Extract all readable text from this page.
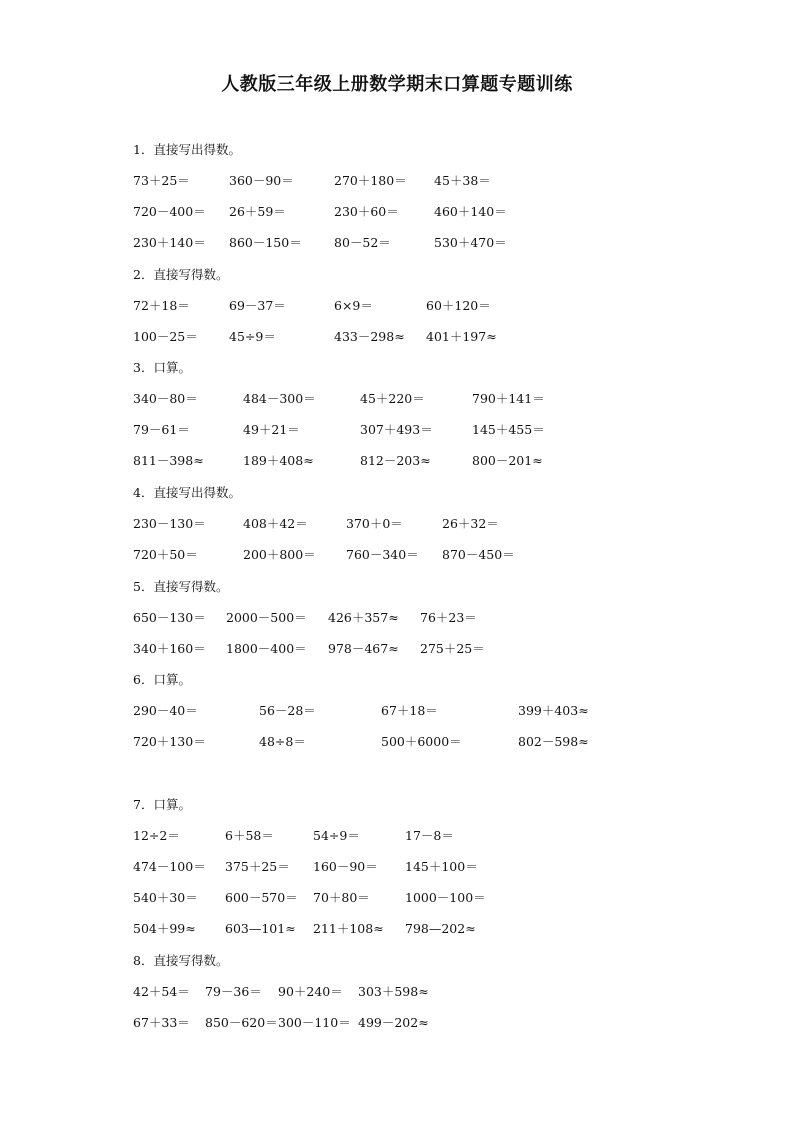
人教版三年级上册数学期末口算题专题训练
1．直接写出得数。
73＋25＝	360－90＝	270＋180＝ 45＋38＝
720－400＝ 26＋59＝	230＋60＝	460＋140＝
230＋140＝ 860－150＝	80－52＝	530＋470＝
2．直接写得数。
72＋18＝	69－37＝	6×9＝	60＋120＝
100－25＝ 45÷9＝	433－298≈ 401＋197≈
3．口算。
340－80＝	484－300＝	45＋220＝	790＋141＝
79－61＝	49＋21＝	307＋493＝	145＋455＝
811－398≈	189＋408≈	812－203≈	800－201≈
4．直接写出得数。
230－130＝	408＋42＝	370＋0＝	26＋32＝
720＋50＝	200＋800＝ 760－340＝ 870－450＝
5．直接写得数。
650－130＝ 2000－500＝ 426＋357≈ 76＋23＝
340＋160＝ 1800－400＝ 978－467≈ 275＋25＝
6．口算。
290－40＝	56－28＝	67＋18＝	399＋403≈
720＋130＝	48÷8＝	500＋6000＝	802－598≈
7．口算。
12÷2＝	6＋58＝	54÷9＝	17－8＝
474－100＝ 375＋25＝ 160－90＝ 145＋100＝
540＋30＝ 600－570＝ 70＋80＝	1000－100＝
504＋99≈ 603—101≈ 211＋108≈ 798—202≈
8．直接写得数。
42＋54＝ 79－36＝ 90＋240＝ 303＋598≈
67＋33＝ 850－620＝ 300－110＝ 499－202≈
